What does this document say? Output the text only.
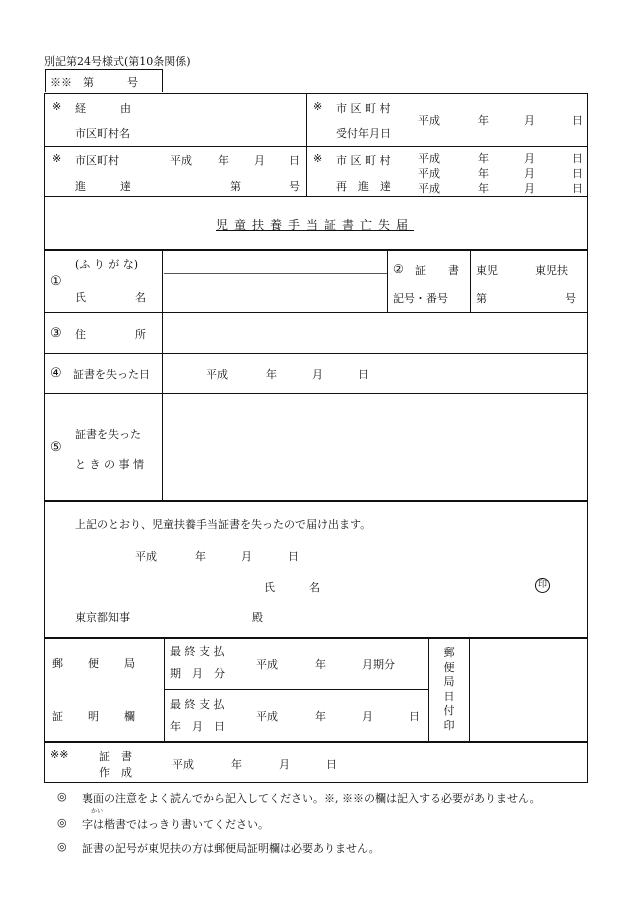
別記第24号様式(第10条関係)
※※　第　　　号
※ 経　　由
市区町村名
※ 市 区 町 村
受付年月日
平成	年	月	日
※ 市区町村
進　　達
平成 年 月 日
第	号
※ 市 区 町 村
再　進　達
平成	年	月	日
平成	年	月	日
平成	年	月	日
児童扶養手当証書亡失届
①
(ふ り が な)
氏　　　名
② 証　　書
記号・番号
東児	東児扶
第	号
③ 住　　　所
④ 証書を失った日	平成	年	月	日
⑤
証書を失った
と き の 事 情
上記のとおり、児童扶養手当証書を失ったので届け出ます。
平成	年	月	日
氏　　名	印
東京都知事	殿
郵　　便　　局
証　　明　　欄
最 終 支 払
期　月　分
平成	年	月期分
最 終 支 払
年　月　日
平成	年	月	日
郵
便
局
日
付
印
※※	証　書
作　成
平成	年	月	日
◎ 裏面の注意をよく読んでから記入してください。※, ※※の欄は記入する必要がありません。
◎
かい
字は楷書ではっきり書いてください。
◎ 証書の記号が東児扶の方は郵便局証明欄は必要ありません。
